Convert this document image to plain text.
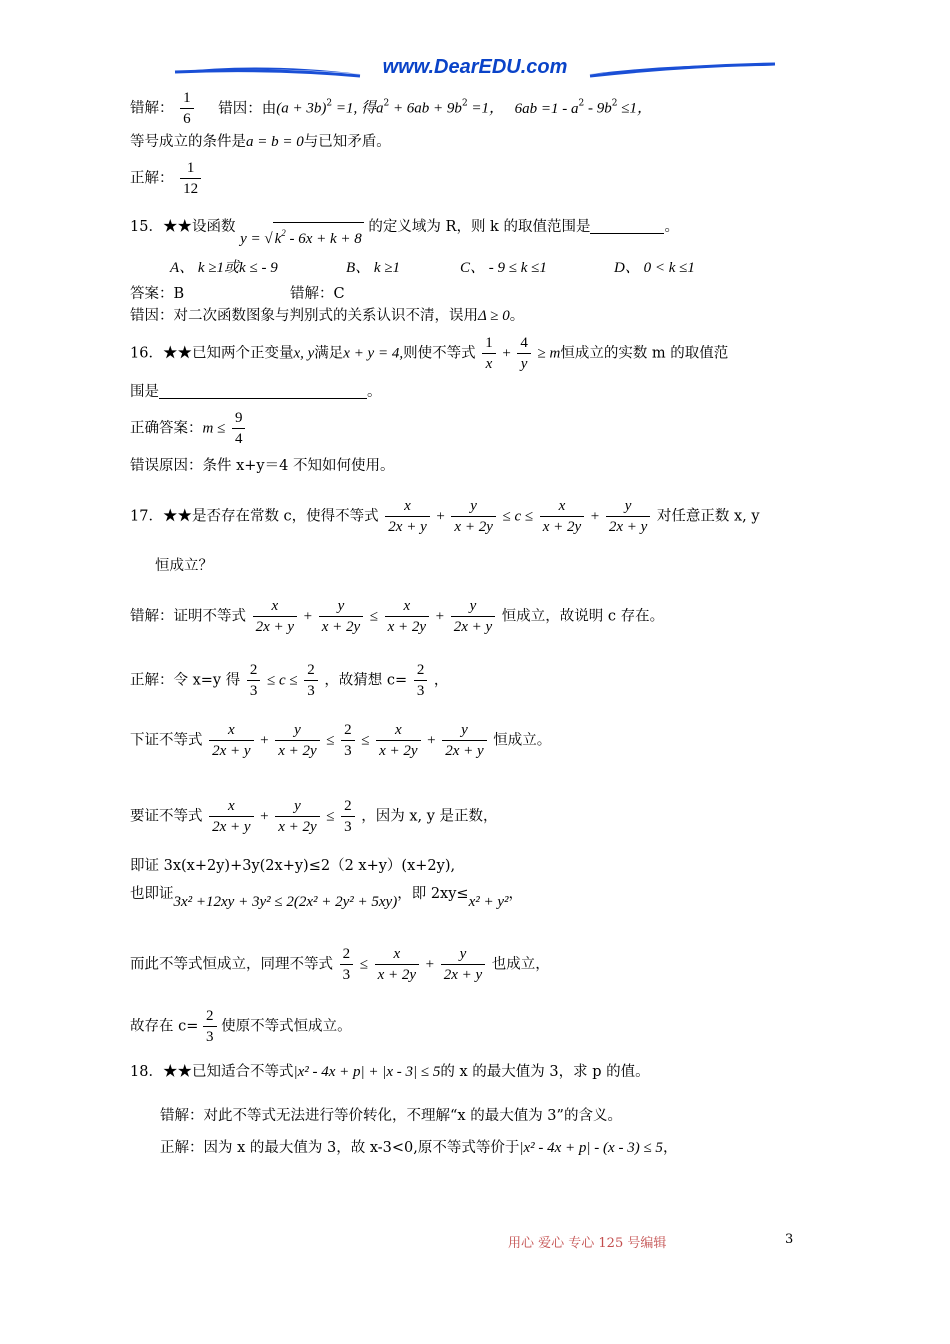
www.DearEDU.com
错解： $\frac{1}{6}$ 错因：由$(a + 3b)^2 =1$, 得$a^2 + 6ab + 9b^2 =1$， $6ab =1 - a^2 - 9b^2 \le 1$，
等号成立的条件是a = b = 0与已知矛盾。
正解： $\frac{1}{12}$
15．★★设函数 y = √ $k^2 - 6x + k + 8$ 的定义域为 R，则 k 的取值范围是	。
A、 k ≥1或k ≤ - 9	B、 k ≥1	C、 - 9 ≤ k ≤1	D、 0 < k ≤1
答案：B	错解：C
错因：对二次函数图象与判别式的关系认识不清，误用Δ ≥ 0。
16．★★已知两个正变量x, y满足x + y = 4,则使不等式 $\frac{1}{x} + \frac{4}{y} \ge m$恒成立的实数 m 的取值范
围是	。
正确答案：$m \le \frac{9}{4}$
错误原因：条件 x+y＝4 不知如何使用。
17．★★是否存在常数 c，使得不等式 $\frac{x}{2x + y} + \frac{y}{x + 2y} \le c \le \frac{x}{x + 2y} + \frac{y}{2x + y}$ 对任意正数 x, y
恒成立？
错解：证明不等式 $\frac{x}{2x + y} + \frac{y}{x + 2y} \le \frac{x}{x + 2y} + \frac{y}{2x + y}$ 恒成立，故说明 c 存在。
正解：令 x=y 得 $\frac{2}{3} \le c \le \frac{2}{3}$ ，故猜想 $c= \frac{2}{3}$ ，
下证不等式 $\frac{x}{2x + y} + \frac{y}{x + 2y} \le \frac{2}{3} \le \frac{x}{x + 2y} + \frac{y}{2x + y}$ 恒成立。
要证不等式 $\frac{x}{2x + y} + \frac{y}{x + 2y} \le \frac{2}{3}$ ，因为 x, y 是正数，
即证 3x(x+2y)+3y(2x+y)≤2（2 x+y）(x+2y),
也即证3x² +12xy + 3y² ≤ 2(2x² + 2y² + 5xy)，即 2xy≤x² + y²，
而此不等式恒成立，同理不等式 $\frac{2}{3} \le \frac{x}{x + 2y} + \frac{y}{2x + y}$ 也成立，
故存在 $c= \frac{2}{3}$ 使原不等式恒成立。
18．★★已知适合不等式|x² - 4x + p| + |x - 3| ≤ 5的 x 的最大值为 3，求 p 的值。
错解：对此不等式无法进行等价转化，不理解“x 的最大值为 3”的含义。
正解：因为 x 的最大值为 3，故 x-3<0,原不等式等价于|x² - 4x + p| - (x - 3) ≤ 5，
用心 爱心 专心 125 号编辑	3
